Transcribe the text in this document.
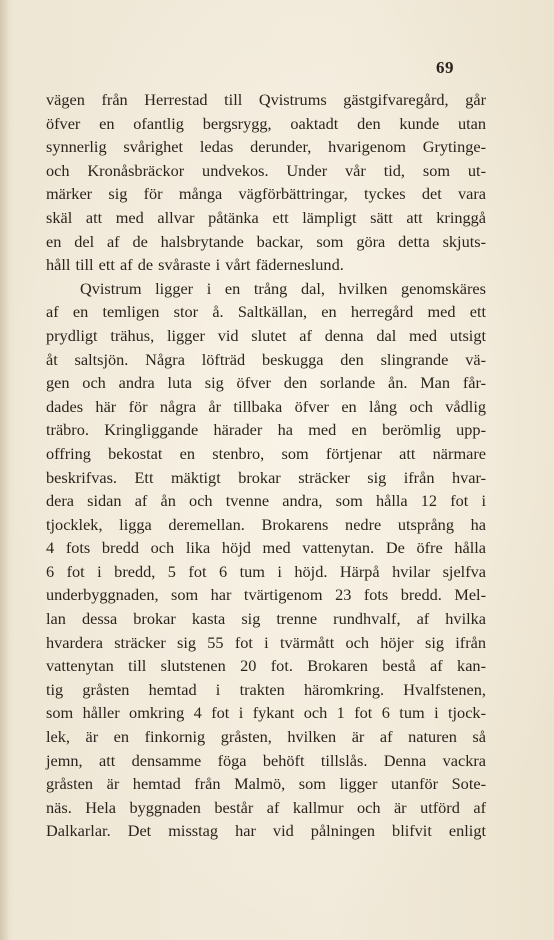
69
vägen från Herrestad till Qvistrums gästgifvaregård, går
öfver en ofantlig bergsrygg, oaktadt den kunde utan
synnerlig svårighet ledas derunder, hvarigenom Grytinge-
och Kronåsbräckor undvekos. Under vår tid, som ut-
märker sig för många vägförbättringar, tyckes det vara
skäl att med allvar påtänka ett lämpligt sätt att kringgå
en del af de halsbrytande backar, som göra detta skjuts-
håll till ett af de svåraste i vårt fäderneslund.
Qvistrum ligger i en trång dal, hvilken genomskäres
af en temligen stor å. Saltkällan, en herregård med ett
prydligt trähus, ligger vid slutet af denna dal med utsigt
åt saltsjön. Några löfträd beskugga den slingrande vä-
gen och andra luta sig öfver den sorlande ån. Man får-
dades här för några år tillbaka öfver en lång och vådlig
träbro. Kringliggande härader ha med en berömlig upp-
offring bekostat en stenbro, som förtjenar att närmare
beskrifvas. Ett mäktigt brokar sträcker sig ifrån hvar-
dera sidan af ån och tvenne andra, som hålla 12 fot i
tjocklek, ligga deremellan. Brokarens nedre utsprång ha
4 fots bredd och lika höjd med vattenytan. De öfre hålla
6 fot i bredd, 5 fot 6 tum i höjd. Härpå hvilar sjelfva
underbyggnaden, som har tvärtigenom 23 fots bredd. Mel-
lan dessa brokar kasta sig trenne rundhvalf, af hvilka
hvardera sträcker sig 55 fot i tvärmått och höjer sig ifrån
vattenytan till slutstenen 20 fot. Brokaren bestå af kan-
tig gråsten hemtad i trakten häromkring. Hvalfstenen,
som håller omkring 4 fot i fykant och 1 fot 6 tum i tjock-
lek, är en finkornig gråsten, hvilken är af naturen så
jemn, att densamme föga behöft tillslås. Denna vackra
gråsten är hemtad från Malmö, som ligger utanför Sote-
näs. Hela byggnaden består af kallmur och är utförd af
Dalkarlar. Det misstag har vid pålningen blifvit enligt
